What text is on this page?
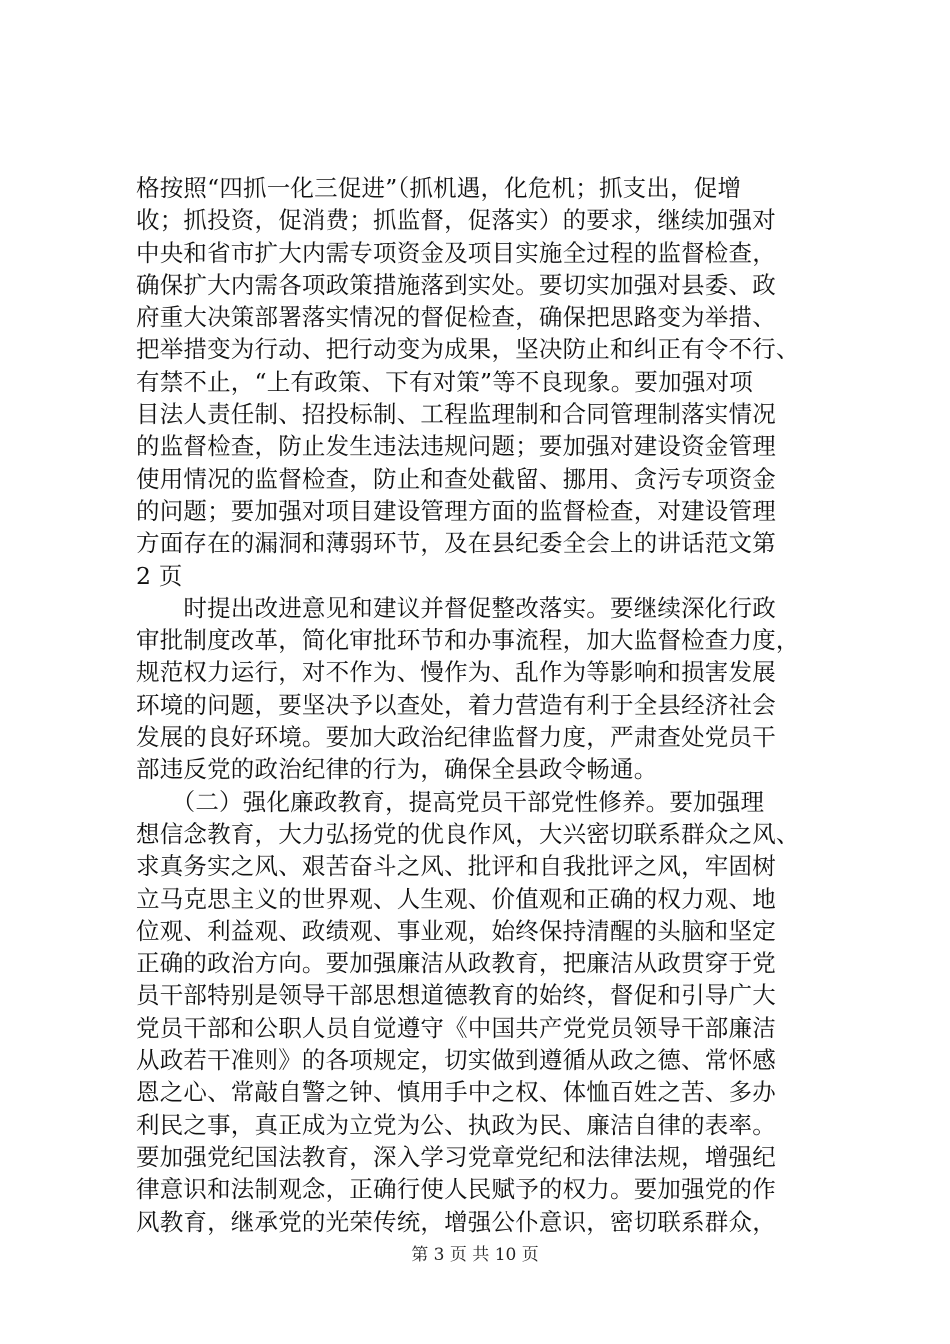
格按照“四抓一化三促进”（抓机遇，化危机；抓支出，促增
收；抓投资，促消费；抓监督，促落实）的要求，继续加强对
中央和省市扩大内需专项资金及项目实施全过程的监督检查，
确保扩大内需各项政策措施落到实处。要切实加强对县委、政
府重大决策部署落实情况的督促检查，确保把思路变为举措、
把举措变为行动、把行动变为成果，坚决防止和纠正有令不行、
有禁不止，“上有政策、下有对策”等不良现象。要加强对项
目法人责任制、招投标制、工程监理制和合同管理制落实情况
的监督检查，防止发生违法违规问题；要加强对建设资金管理
使用情况的监督检查，防止和查处截留、挪用、贪污专项资金
的问题；要加强对项目建设管理方面的监督检查，对建设管理
方面存在的漏洞和薄弱环节，及在县纪委全会上的讲话范文第
2 页
　　时提出改进意见和建议并督促整改落实。要继续深化行政
审批制度改革，简化审批环节和办事流程，加大监督检查力度，
规范权力运行，对不作为、慢作为、乱作为等影响和损害发展
环境的问题，要坚决予以查处，着力营造有利于全县经济社会
发展的良好环境。要加大政治纪律监督力度，严肃查处党员干
部违反党的政治纪律的行为，确保全县政令畅通。
　　（二）强化廉政教育，提高党员干部党性修养。要加强理
想信念教育，大力弘扬党的优良作风，大兴密切联系群众之风、
求真务实之风、艰苦奋斗之风、批评和自我批评之风，牢固树
立马克思主义的世界观、人生观、价值观和正确的权力观、地
位观、利益观、政绩观、事业观，始终保持清醒的头脑和坚定
正确的政治方向。要加强廉洁从政教育，把廉洁从政贯穿于党
员干部特别是领导干部思想道德教育的始终，督促和引导广大
党员干部和公职人员自觉遵守《中国共产党党员领导干部廉洁
从政若干准则》的各项规定，切实做到遵循从政之德、常怀感
恩之心、常敲自警之钟、慎用手中之权、体恤百姓之苦、多办
利民之事，真正成为立党为公、执政为民、廉洁自律的表率。
要加强党纪国法教育，深入学习党章党纪和法律法规，增强纪
律意识和法制观念，正确行使人民赋予的权力。要加强党的作
风教育，继承党的光荣传统，增强公仆意识，密切联系群众，
第 3 页 共 10 页
